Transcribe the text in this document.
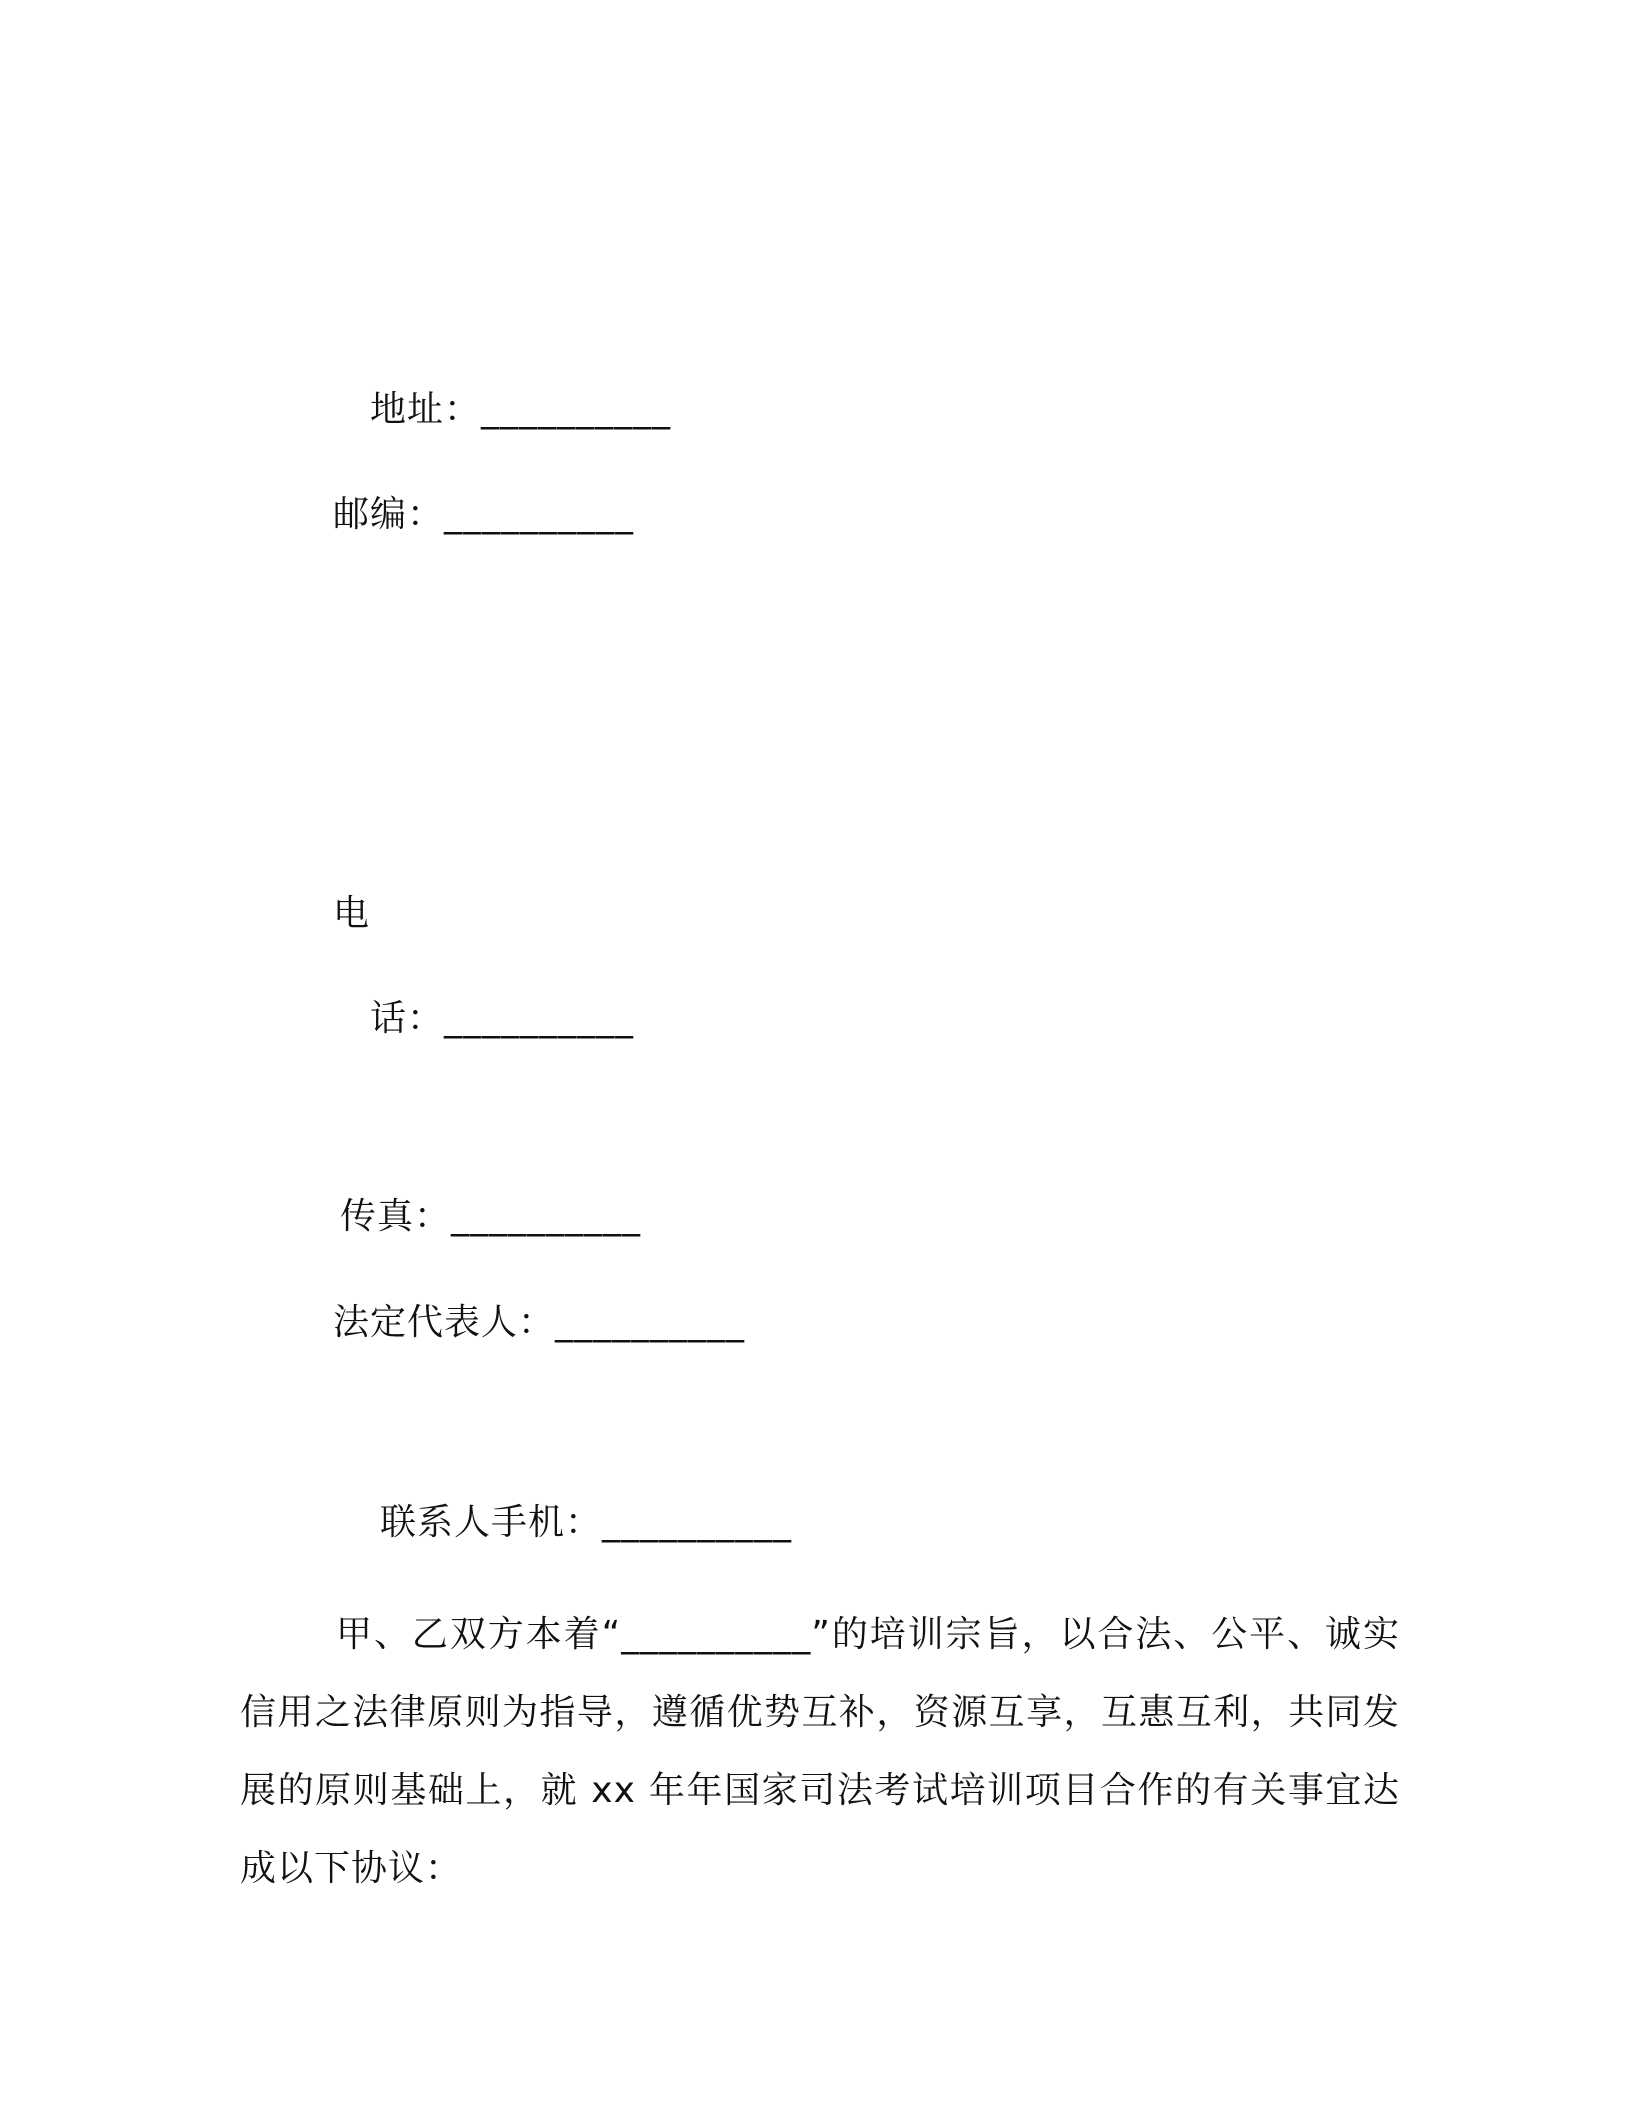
地址：__________
邮编：__________
电
话：__________
传真：__________
法定代表人：__________
联系人手机：__________
甲、乙双方本着“__________”的培训宗旨，以合法、公平、诚实信用之法律原则为指导，遵循优势互补，资源互享，互惠互利，共同发展的原则基础上，就 xx 年年国家司法考试培训项目合作的有关事宜达成以下协议：
